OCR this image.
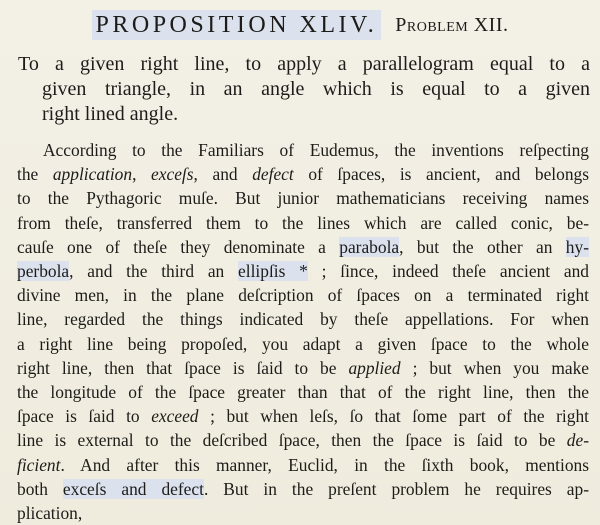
PROPOSITION XLIV. Problem XII.

To a given right line, to apply a parallelogram equal to a
given triangle, in an angle which is equal to a given
right lined angle.

According to the Familiars of Eudemus, the inventions reſpecting
the application, exceſs, and defect of ſpaces, is ancient, and belongs
to the Pythagoric muſe. But junior mathematicians receiving names
from theſe, transferred them to the lines which are called conic, be-
cauſe one of theſe they denominate a parabola, but the other an hy-
perbola, and the third an ellipſis * ; ſince, indeed theſe ancient and
divine men, in the plane deſcription of ſpaces on a terminated right
line, regarded the things indicated by theſe appellations. For when
a right line being propoſed, you adapt a given ſpace to the whole
right line, then that ſpace is ſaid to be applied ; but when you make
the longitude of the ſpace greater than that of the right line, then the
ſpace is ſaid to exceed ; but when leſs, ſo that ſome part of the right
line is external to the deſcribed ſpace, then the ſpace is ſaid to be de-
ficient. And after this manner, Euclid, in the ſixth book, mentions
both exceſs and defect. But in the preſent problem he requires ap-
plication,
